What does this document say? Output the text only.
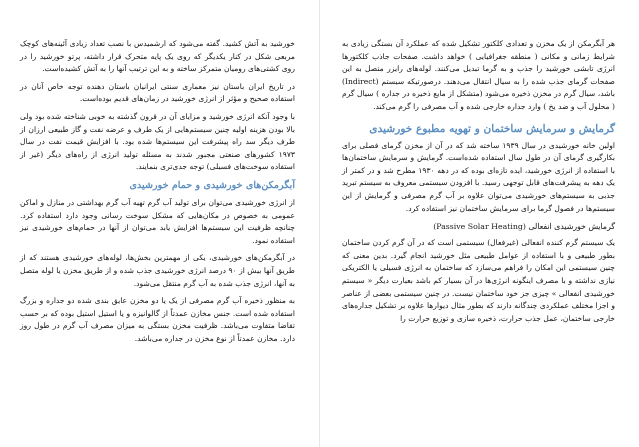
خورشید به آتش کشید. گفته می‌شود که ارشمیدس با نصب تعداد زیادی آئینه‌های کوچک مربعی شکل در کنار یکدیگر که روی یک پایه متحرک قرار داشته، پرتو خورشید را در روی کشتی‌های رومیان متمرکز ساخته و به این ترتیب آنها را به آتش کشیده‌است.

در تاریخ ایران باستان نیز معماری سنتی ایرانیان باستان دهنده توجه خاص آنان در استفاده صحیح و مؤثر از انرژی خورشید در زمان‌های قدیم بوده‌است.

با وجود آنکه انرژی خورشید و مزایای آن در قرون گذشته به خوبی شناخته شده بود ولی بالا بودن هزینه اولیه چنین سیستم‌هایی از یک طرف و عرضه نفت و گاز طبیعی ارزان از طرف دیگر سد راه پیشرفت این سیستم‌ها شده بود. با افزایش قیمت نفت در سال ۱۹۷۳ کشورهای صنعتی مجبور شدند به مسئله تولید انرژی از راه‌های دیگر (غیر از استفاده سوخت‌های فسیلی) توجه جدی‌تری بنمایند.

آبگرمکن‌های خورشیدی و حمام خورشیدی

از انرژی خورشیدی می‌توان برای تولید آب گرم تهیه آب گرم بهداشتی در منازل و اماکن عمومی به خصوص در مکان‌هایی که مشکل سوخت رسانی وجود دارد استفاده کرد. چنانچه ظرفیت این سیستم‌ها افزایش یابد می‌توان از آنها در حمام‌های خورشیدی نیز استفاده نمود.

در آبگرمکن‌های خورشیدی، یکی از مهمترین بخش‌ها، لوله‌های خورشیدی هستند که از طریق آنها بیش از ۹۰ درصد انرژی خورشیدی جذب شده و از طریق مخزن یا لوله متصل به آنها، انرژی جذب شده به آب گرم منتقل می‌شود.

به منظور ذخیره آب گرم مصرفی از یک یا دو مخزن عایق بندی شده دو جداره و بزرگ استفاده شده است. جنس مخازن عمدتاً از گالوانیزه و یا استیل استیل بوده که بر حسب تقاضا متفاوت می‌باشد. ظرفیت مخزن بستگی به میزان مصرف آب گرم در طول روز دارد. مخازن عمدتاً از نوع مخزن در جداره می‌باشد.

هر آبگرمکن از یک مخزن و تعدادی کلکتور تشکیل شده که عملکرد آن بستگی زیادی به شرایط زمانی و مکانی ( منطقه جغرافیایی ) خواهد داشت. صفحات جاذب کلکتورها انرژی تابشی خورشید را جذب و به گرما تبدیل می‌کنند. لوله‌های رایزر متصل به این صفحات گرمای جذب شده را به سیال انتقال می‌دهند. درصورتیکه سیستم (Indirect) باشد، سیال گرم در مخزن ذخیره می‌شود (متشکل از مایع ذخیره در جداره ) سیال گرم ( محلول آب و ضد یخ ) وارد جداره خارجی شده و آب مصرفی را گرم می‌کند.

گرمایش و سرمایش ساختمان و تهویه مطبوع خورشیدی

اولین خانه خورشیدی در سال ۱۹۳۹ ساخته شد که در آن از مخزن گرمای فصلی برای بکارگیری گرمای آن در طول سال استفاده شده‌است. گرمایش و سرمایش ساختمان‌ها با استفاده از انرژی خورشید، ایده تازه‌ای بوده که در دهه ۱۹۳۰ مطرح شد و در کمتر از یک دهه به پیشرفت‌های قابل توجهی رسید. با افزودن سیستمی معروف به سیستم تبرید جذبی به سیستم‌های خورشیدی می‌توان علاوه بر آب گرم مصرفی و گرمایش از این سیستم‌ها در فصول گرما برای سرمایش ساختمان نیز استفاده کرد.

گرمایش خورشیدی انفعالی (Passive Solar Heating)

یک سیستم گرم کننده انفعالی (غیرفعال) سیستمی است که در آن گرم کردن ساختمان بطور طبیعی و با استفاده از عوامل طبیعی مثل خورشید انجام گیرد. بدین معنی که چنین سیستمی این امکان را فراهم می‌سازد که ساختمان به انرژی فسیلی یا الکتریکی نیازی نداشته و با مصرف اینگونه انرژی‌ها در آن بسیار کم باشد بعبارت دیگر « سیستم خورشیدی انفعالی » چیزی جز خود ساختمان نیست. در چنین سیستمی بعضی از عناصر و اجزا مختلف عملکردی چندگانه دارند که بطور مثال دیوارها علاوه بر تشکیل جداره‌های خارجی ساختمان، عمل جذب حرارت، ذخیره سازی و توزیع حرارت را
